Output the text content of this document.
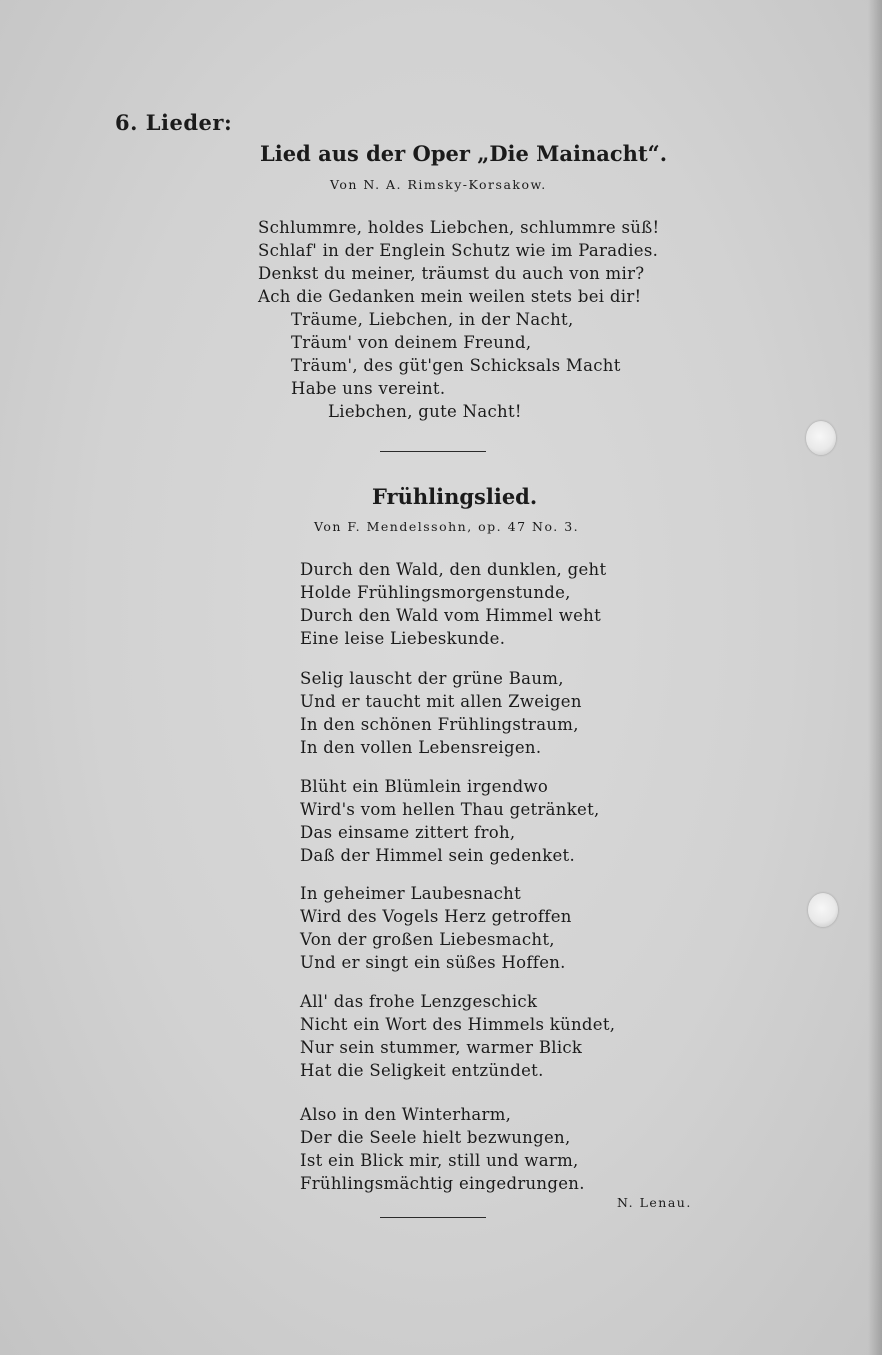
6. Lieder:
Lied aus der Oper „Die Mainacht“.
Von N. A. Rimsky-Korsakow.
Schlummre, holdes Liebchen, schlummre süß!
Schlaf' in der Englein Schutz wie im Paradies.
Denkst du meiner, träumst du auch von mir?
Ach die Gedanken mein weilen stets bei dir!
Träume, Liebchen, in der Nacht,
Träum' von deinem Freund,
Träum', des güt'gen Schicksals Macht
Habe uns vereint.
Liebchen, gute Nacht!
Frühlingslied.
Von F. Mendelssohn, op. 47 No. 3.
Durch den Wald, den dunklen, geht
Holde Frühlingsmorgenstunde,
Durch den Wald vom Himmel weht
Eine leise Liebeskunde.
Selig lauscht der grüne Baum,
Und er taucht mit allen Zweigen
In den schönen Frühlingstraum,
In den vollen Lebensreigen.
Blüht ein Blümlein irgendwo
Wird's vom hellen Thau getränket,
Das einsame zittert froh,
Daß der Himmel sein gedenket.
In geheimer Laubesnacht
Wird des Vogels Herz getroffen
Von der großen Liebesmacht,
Und er singt ein süßes Hoffen.
All' das frohe Lenzgeschick
Nicht ein Wort des Himmels kündet,
Nur sein stummer, warmer Blick
Hat die Seligkeit entzündet.
Also in den Winterharm,
Der die Seele hielt bezwungen,
Ist ein Blick mir, still und warm,
Frühlingsmächtig eingedrungen.
N. Lenau.
